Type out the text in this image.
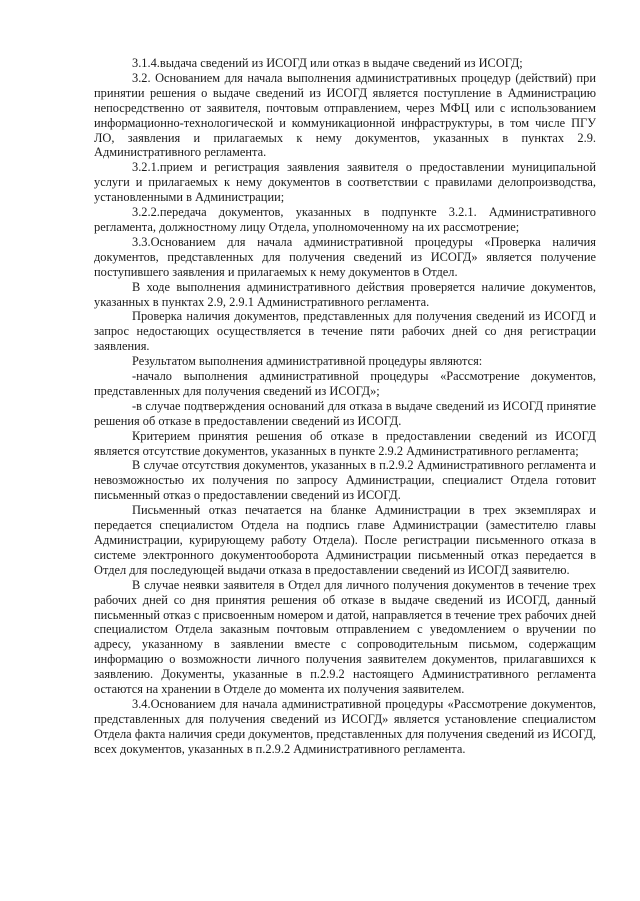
3.1.4.выдача сведений из ИСОГД или отказ в выдаче сведений из ИСОГД;

3.2. Основанием для начала выполнения административных процедур (действий) при принятии решения о выдаче сведений из ИСОГД является поступление в Администрацию непосредственно от заявителя, почтовым отправлением, через МФЦ или с использованием информационно-технологической и коммуникационной инфраструктуры, в том числе ПГУ ЛО, заявления и прилагаемых к нему документов, указанных в пунктах 2.9. Административного регламента.

3.2.1.прием и регистрация заявления заявителя о предоставлении муниципальной услуги и прилагаемых к нему документов в соответствии с правилами делопроизводства, установленными в Администрации;

3.2.2.передача документов, указанных в подпункте 3.2.1. Административного регламента, должностному лицу Отдела, уполномоченному на их рассмотрение;

3.3.Основанием для начала административной процедуры «Проверка наличия документов, представленных для получения сведений из ИСОГД» является получение поступившего заявления и прилагаемых к нему документов в Отдел.

В ходе выполнения административного действия проверяется наличие документов, указанных в пунктах 2.9, 2.9.1 Административного регламента.

Проверка наличия документов, представленных для получения сведений из ИСОГД и запрос недостающих осуществляется в течение пяти рабочих дней со дня регистрации заявления.

Результатом выполнения административной процедуры являются:

-начало выполнения административной процедуры «Рассмотрение документов, представленных для получения сведений из ИСОГД»;

-в случае подтверждения оснований для отказа в выдаче сведений из ИСОГД принятие решения об отказе в предоставлении сведений из ИСОГД.

Критерием принятия решения об отказе в предоставлении сведений из ИСОГД является отсутствие документов, указанных в пункте 2.9.2 Административного регламента;

В случае отсутствия документов, указанных в п.2.9.2 Административного регламента и невозможностью их получения по запросу Администрации, специалист Отдела готовит письменный отказ о предоставлении сведений из ИСОГД.

Письменный отказ печатается на бланке Администрации в трех экземплярах и передается специалистом Отдела на подпись главе Администрации (заместителю главы Администрации, курирующему работу Отдела). После регистрации письменного отказа в системе электронного документооборота Администрации письменный отказ передается в Отдел для последующей выдачи отказа в предоставлении сведений из ИСОГД заявителю.

В случае неявки заявителя в Отдел для личного получения документов в течение трех рабочих дней со дня принятия решения об отказе в выдаче сведений из ИСОГД, данный письменный отказ с присвоенным номером и датой, направляется в течение трех рабочих дней специалистом Отдела заказным почтовым отправлением с уведомлением о вручении по адресу, указанному в заявлении вместе с сопроводительным письмом, содержащим информацию о возможности личного получения заявителем документов, прилагавшихся к заявлению. Документы, указанные в п.2.9.2 настоящего Административного регламента остаются на хранении в Отделе до момента их получения заявителем.

3.4.Основанием для начала административной процедуры «Рассмотрение документов, представленных для получения сведений из ИСОГД» является установление специалистом Отдела факта наличия среди документов, представленных для получения сведений из ИСОГД, всех документов, указанных в п.2.9.2 Административного регламента.
